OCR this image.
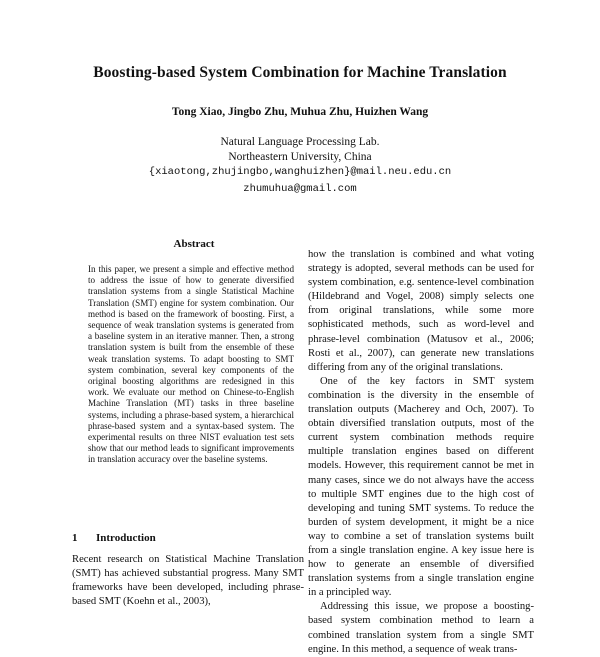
Boosting-based System Combination for Machine Translation
Tong Xiao, Jingbo Zhu, Muhua Zhu, Huizhen Wang
Natural Language Processing Lab.
Northeastern University, China
{xiaotong,zhujingbo,wanghuizhen}@mail.neu.edu.cn
zhumuhua@gmail.com
Abstract

In this paper, we present a simple and effective method to address the issue of how to generate diversified translation systems from a single Statistical Machine Translation (SMT) engine for system combination. Our method is based on the framework of boosting. First, a sequence of weak translation systems is generated from a baseline system in an iterative manner. Then, a strong translation system is built from the ensemble of these weak translation systems. To adapt boosting to SMT system combination, several key components of the original boosting algorithms are redesigned in this work. We evaluate our method on Chinese-to-English Machine Translation (MT) tasks in three baseline systems, including a phrase-based system, a hierarchical phrase-based system and a syntax-based system. The experimental results on three NIST evaluation test sets show that our method leads to significant improvements in translation accuracy over the baseline systems.

1 Introduction

Recent research on Statistical Machine Translation (SMT) has achieved substantial progress. Many SMT frameworks have been developed, including phrase-based SMT (Koehn et al., 2003),

how the translation is combined and what voting strategy is adopted, several methods can be used for system combination, e.g. sentence-level combination (Hildebrand and Vogel, 2008) simply selects one from original translations, while some more sophisticated methods, such as word-level and phrase-level combination (Matusov et al., 2006; Rosti et al., 2007), can generate new translations differing from any of the original translations.

One of the key factors in SMT system combination is the diversity in the ensemble of translation outputs (Macherey and Och, 2007). To obtain diversified translation outputs, most of the current system combination methods require multiple translation engines based on different models. However, this requirement cannot be met in many cases, since we do not always have the access to multiple SMT engines due to the high cost of developing and tuning SMT systems. To reduce the burden of system development, it might be a nice way to combine a set of translation systems built from a single translation engine. A key issue here is how to generate an ensemble of diversified translation systems from a single translation engine in a principled way.

Addressing this issue, we propose a boosting-based system combination method to learn a combined translation system from a single SMT engine. In this method, a sequence of weak trans-
